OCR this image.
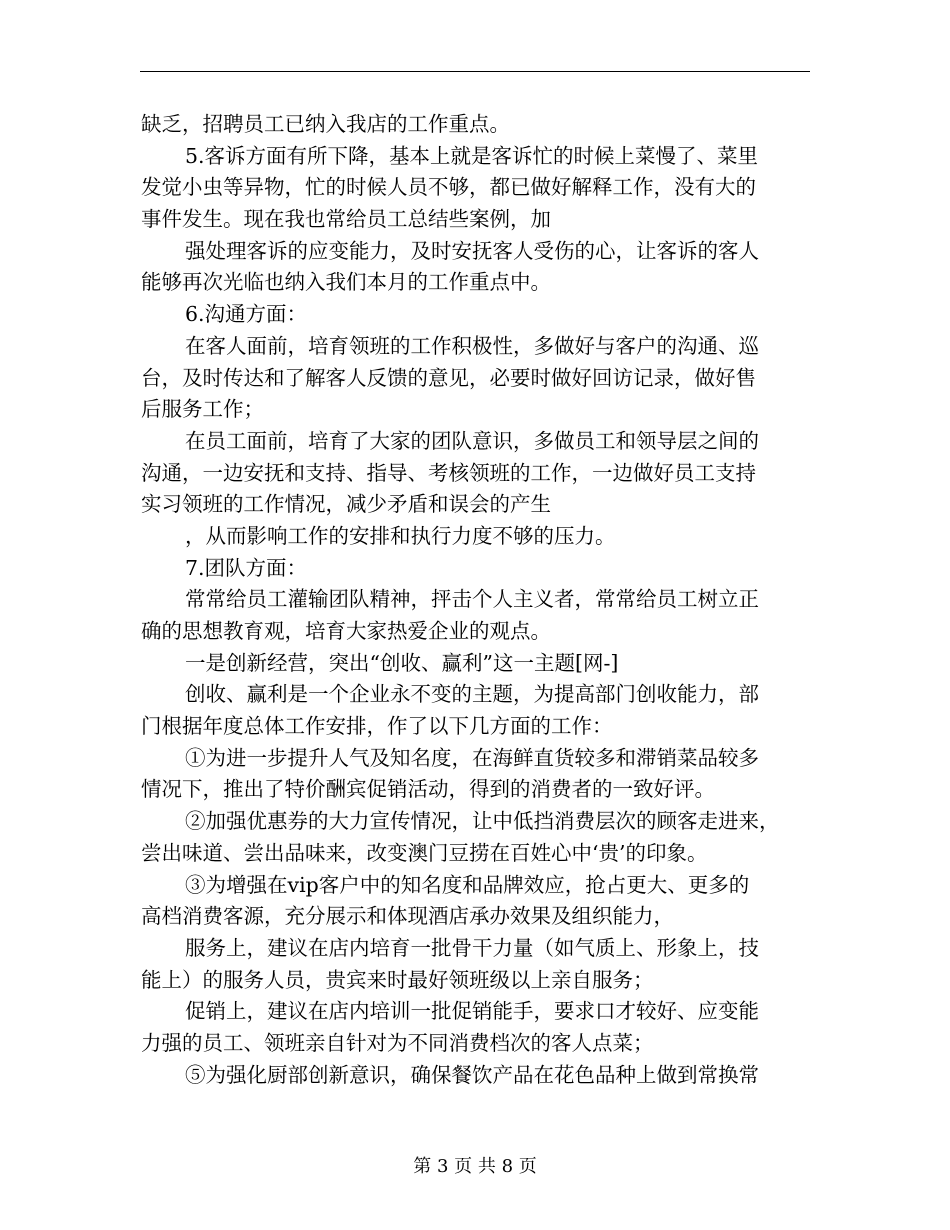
缺乏，招聘员工已纳入我店的工作重点。
5.客诉方面有所下降，基本上就是客诉忙的时候上菜慢了、菜里
发觉小虫等异物，忙的时候人员不够，都已做好解释工作，没有大的
事件发生。现在我也常给员工总结些案例，加
强处理客诉的应变能力，及时安抚客人受伤的心，让客诉的客人
能够再次光临也纳入我们本月的工作重点中。
6.沟通方面：
在客人面前，培育领班的工作积极性，多做好与客户的沟通、巡
台，及时传达和了解客人反馈的意见，必要时做好回访记录，做好售
后服务工作；
在员工面前，培育了大家的团队意识，多做员工和领导层之间的
沟通，一边安抚和支持、指导、考核领班的工作，一边做好员工支持
实习领班的工作情况，减少矛盾和误会的产生
，从而影响工作的安排和执行力度不够的压力。
7.团队方面：
常常给员工灌输团队精神，抨击个人主义者，常常给员工树立正
确的思想教育观，培育大家热爱企业的观点。
一是创新经营，突出“创收、赢利”这一主题[网-]
创收、赢利是一个企业永不变的主题，为提高部门创收能力，部
门根据年度总体工作安排，作了以下几方面的工作：
①为进一步提升人气及知名度，在海鲜直货较多和滞销菜品较多
情况下，推出了特价酬宾促销活动，得到的消费者的一致好评。
②加强优惠券的大力宣传情况，让中低挡消费层次的顾客走进来，
尝出味道、尝出品味来，改变澳门豆捞在百姓心中‘贵’的印象。
③为增强在vip客户中的知名度和品牌效应，抢占更大、更多的
高档消费客源，充分展示和体现酒店承办效果及组织能力，
服务上，建议在店内培育一批骨干力量（如气质上、形象上，技
能上）的服务人员，贵宾来时最好领班级以上亲自服务；
促销上，建议在店内培训一批促销能手，要求口才较好、应变能
力强的员工、领班亲自针对为不同消费档次的客人点菜；
⑤为强化厨部创新意识，确保餐饮产品在花色品种上做到常换常
第 3 页 共 8 页
